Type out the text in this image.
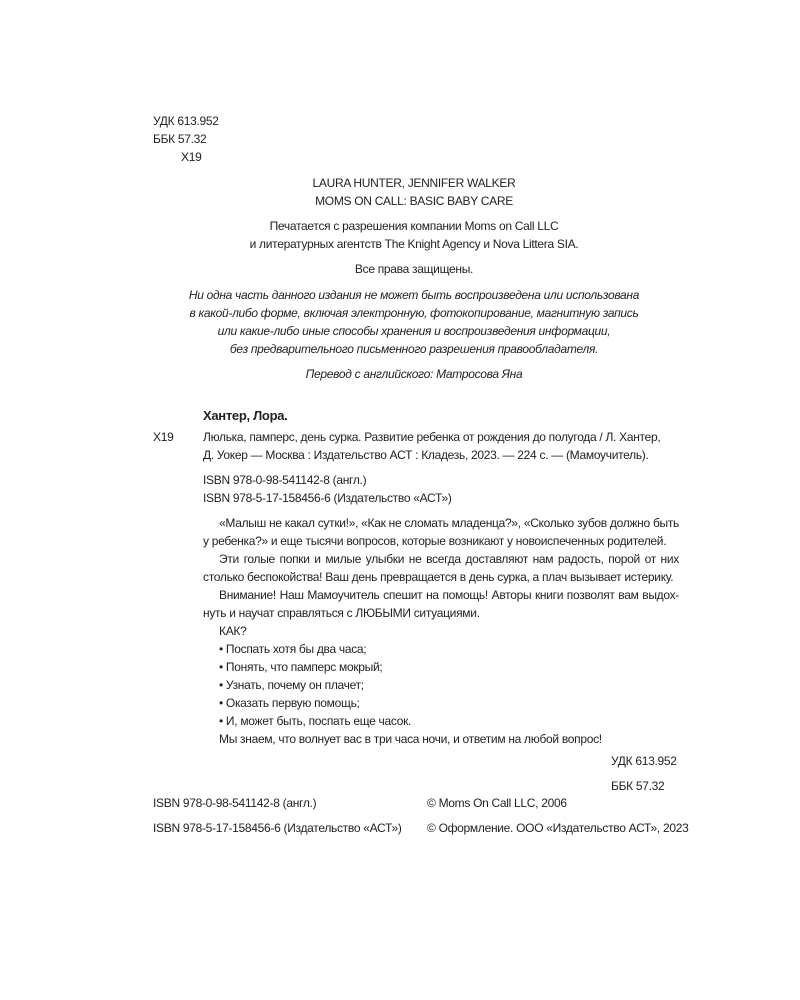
УДК 613.952
ББК 57.32
Х19
LAURA HUNTER, JENNIFER WALKER
MOMS ON CALL: BASIC BABY CARE
Печатается с разрешения компании Moms on Call LLC
и литературных агентств The Knight Agency и Nova Littera SIA.
Все права защищены.
Ни одна часть данного издания не может быть воспроизведена или использована
в какой-либо форме, включая электронную, фотокопирование, магнитную запись
или какие-либо иные способы хранения и воспроизведения информации,
без предварительного письменного разрешения правообладателя.
Перевод с английского: Матросова Яна
Хантер, Лора.
Х19 Люлька, памперс, день сурка. Развитие ребенка от рождения до полугода / Л. Хантер,
Д. Уокер — Москва : Издательство АСТ : Кладезь, 2023. — 224 с. — (Мамоучитель).
ISBN 978-0-98-541142-8 (англ.)
ISBN 978-5-17-158456-6 (Издательство «АСТ»)

«Малыш не какал сутки!», «Как не сломать младенца?», «Сколько зубов должно быть у ребенка?» и еще тысячи вопросов, которые возникают у новоиспеченных родителей.

Эти голые попки и милые улыбки не всегда доставляют нам радость, порой от них столько беспокойства! Ваш день превращается в день сурка, а плач вызывает истерику.

Внимание! Наш Мамоучитель спешит на помощь! Авторы книги позволят вам выдох-нуть и научат справляться с ЛЮБЫМИ ситуациями.

КАК?

• Поспать хотя бы два часа;

• Понять, что памперс мокрый;

• Узнать, почему он плачет;

• Оказать первую помощь;

• И, может быть, поспать еще часок.

Мы знаем, что волнует вас в три часа ночи, и ответим на любой вопрос!

УДК 613.952
ББК 57.32
ISBN 978-0-98-541142-8 (англ.)
ISBN 978-5-17-158456-6 (Издательство «АСТ»)
© Moms On Call LLC, 2006
© Оформление. ООО «Издательство АСТ», 2023
